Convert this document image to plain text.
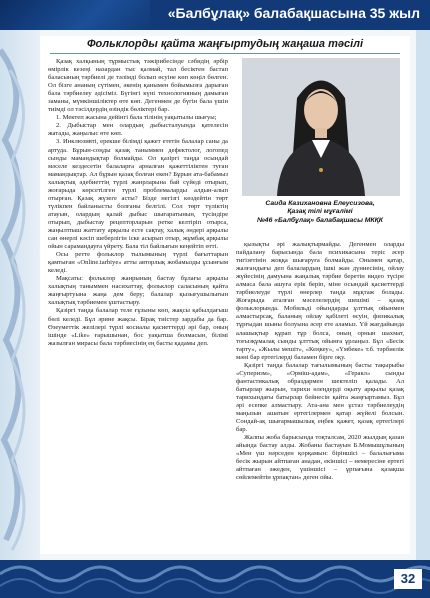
«Балбұлақ» балабақшасына 35 жыл
Фольклорды қайта жаңғыртудың жаңаша тәсілі

Қазақ халқының тұрмыстық тәжірибесінде сәбидің әрбір өмірлік кезеңі назардан тыс қалмай, тал бесіктен бастап баласының тәрбиелі де тәлімді болып өсуіне көп көңіл бөлген. Ол бізге ананың сүтімен, әкенің қанымен бойымызға дарыған бала тәрбиелеу әдісіміз. Бүгінгі күні технологияның дамыған заманы, мүмкіншіліктер өте көп. Дегенмен де бүгін бала үшін тиімді ол тәсілдердің өзіндік бөліктері бар.

1. Мектеп жасына дейінгі бала тілінің уақытылы шығуы;

2. Дыбыстар мен олардың дыбысталуында қателесін жатады, жаңылыс өте көп.

3. Инклюзивті, ерекше білімді қажет ететін балалар саны да артуда. Бұрын-соңды қазақ таныммен дефектолог, логопед сынды мамандықтар болмайды. Ол қазіргі таңда осындай мәселе кездесетін балаларға арналған қажеттіліктен туған мамандықтар. Ал бұрын қазақ болған екен? Бұрын ата-бабамыз халықтық әдебиеттің түрлі жанрларына бай сүйеді отырып, жоғарыда көрсетілген түрлі проблемаларды алдын-алып отырған. Қазақ жүзеге асты? Бізде негізгі көздейтін төрт түлікпен байланысты болғаны белгілі. Сол төрт түліктің атауын, олардың қалай дыбыс шығаратынын, түсіндіре отырып, дыбыстау рецепторларын ретке келтіріп отырса, жаңылтпаш жаттату арқылы есте сақтау, халық әндері арқылы сан өнерлі кәсіп шеберлігін іске асырып отыр, жұмбақ арқылы ойын сарамандауға үйрету. Бала тіл байлығын кеңейтіп өтті.

Осы ретте фольклор тылымының түрлі бағыттарын қамтыған «Online.tarbiye» атты авторлық жобамызды ұсынғым келеді.

Мақсаты: фольклор жанрының бастау бұлағы арқылы халықтың таныммен насихаттау, фольклор саласының қайта жаңғыртуына жаңа дем беру; балалар қызығушылығын халықтық тәрбиемен ұштастыру.

Қазіргі таңда балалар теле ғұзыны көп, жақсы қабылдағыш бөлі келеді. Бұл әрине жақсы. Бірақ тиістер зардабы да бар. Өзеуметтік желілері түрлі косиалы қасиеттерді әрі бар, оның ішінде «Like» ғарышынан, бос уақытша болмасын, білімі жазылған мирасы бала тәрбиесінің ең басты қадамы деп.

Саида Казихановна Елеусизова,
Қазақ тілі мұғалімі
№46 «Балбұлақ» балабақшасы МКҚК

қызықты әрі жалықтырмайды. Дегенмен оларды пайдалану барысында бала психикасына теріс әсер тигізетінін жоққа шығаруға болмайды. Онымен қатар, жалғандығы деп балалардың ішкі жан дүниесінің, ойлау жүйесінің дамуына жаңалық тәрбие беретін видео түсіре алмаса бала ашуға ерік беріп, міне осындай қасиеттерді тәрбиелеуде түрлі өнерлер таңда мұқтаж болады. Жоғарыда аталған мәселелердің шешімі – қазақ фольклорында. Мобильді ойындарды ұлттық ойынмен алмастырсақ, баланың ойлау қабілеті өсуін, физикалық тұрғыдан шыны болуына әсер ете аламыз. Үй жағдайында алашықтыр құрап тұр болса, оның орнын шахмат, тоғызқұмалақ сынды ұлттық ойынға ұрлаңыз. Бұл «Бесік тарту», «Жылы мешіт», «Кеңкеу», «Үмбеке» т.б. тәрбиелік мәні бар ертегілерді баламен бірге оқу.

Қазіргі таңда балалар тағылымының басты тақырыбы «Суперизм», «Орміш-адам», «Геракл» сынды фантастикалық образдармен шектеліп қалады. Ал батырлар жырын, тарихи өлеңдерді оқыту арқылы қазақ тарихындағы батырлар бейнесін қайта жаңғыртамыз. Бұл әрі есепке алмастыру. Ата-ана мен ұстаз тәрбиелеудің маңызын ашатын ертегілермен қатар жүйелі болсын. Сондай-ақ шығармашылық еңбек қажет, қазақ ертегілері бар.

Жалпы жоба барысында тоқталсам, 2020 жылдың қазан айында бастау алды. Жобаны бастауын Б.Момышұлының «Мен үш нәрседен қорқамын: біріншісі – балалығыма бесік жырын айтпаған анадан, екіншісі – немересіне ертегі айтпаған әжеден, үшіншісі – ұрпағына қазақша сөйлемейтін ұрпақтан» деген ойы.

32
